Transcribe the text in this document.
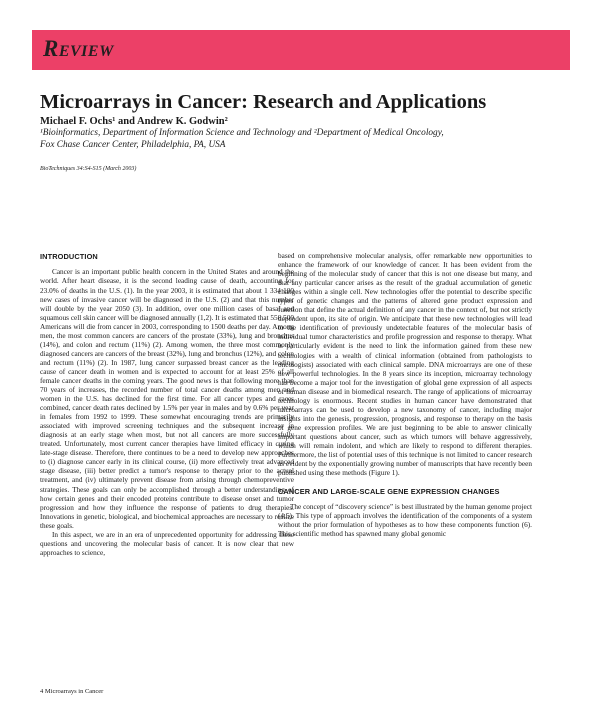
Review
Microarrays in Cancer: Research and Applications
Michael F. Ochs¹ and Andrew K. Godwin²
¹Bioinformatics, Department of Information Science and Technology and ²Department of Medical Oncology,
Fox Chase Cancer Center, Philadelphia, PA, USA
BioTechniques 34:S4-S15 (March 2003)
INTRODUCTION

Cancer is an important public health concern in the United States and around the world. After heart disease, it is the second leading cause of death, accounting for 23.0% of deaths in the U.S. (1). In the year 2003, it is estimated that about 1 334 100 new cases of invasive cancer will be diagnosed in the U.S. (2) and that this number will double by the year 2050 (3). In addition, over one million cases of basal and squamous cell skin cancer will be diagnosed annually (1,2). It is estimated that 556 500 Americans will die from cancer in 2003, corresponding to 1500 deaths per day. Among men, the most common cancers are cancers of the prostate (33%), lung and bronchus (14%), and colon and rectum (11%) (2). Among women, the three most commonly diagnosed cancers are cancers of the breast (32%), lung and bronchus (12%), and colon and rectum (11%) (2). In 1987, lung cancer surpassed breast cancer as the leading cause of cancer death in women and is expected to account for at least 25% of all female cancer deaths in the coming years. The good news is that following more than 70 years of increases, the recorded number of total cancer deaths among men and women in the U.S. has declined for the first time. For all cancer types and races combined, cancer death rates declined by 1.5% per year in males and by 0.6% per year in females from 1992 to 1999. These somewhat encouraging trends are primarily associated with improved screening techniques and the subsequent increase in diagnosis at an early stage when most, but not all cancers are more successfully treated. Unfortunately, most current cancer therapies have limited efficacy in curing late-stage disease. Therefore, there continues to be a need to develop new approaches to (i) diagnose cancer early in its clinical course, (ii) more effectively treat advanced stage disease, (iii) better predict a tumor's response to therapy prior to the actual treatment, and (iv) ultimately prevent disease from arising through chemopreventive strategies. These goals can only be accomplished through a better understanding of how certain genes and their encoded proteins contribute to disease onset and tumor progression and how they influence the response of patients to drug therapies. Innovations in genetic, biological, and biochemical approaches are necessary to realize these goals.

In this aspect, we are in an era of unprecedented opportunity for addressing these questions and uncovering the molecular basis of cancer. It is now clear that new approaches to science,

based on comprehensive molecular analysis, offer remarkable new opportunities to enhance the framework of our knowledge of cancer. It has been evident from the beginning of the molecular study of cancer that this is not one disease but many, and that any particular cancer arises as the result of the gradual accumulation of genetic changes within a single cell. New technologies offer the potential to describe specific types of genetic changes and the patterns of altered gene product expression and function that define the actual definition of any cancer in the context of, but not strictly dependent upon, its site of origin. We anticipate that these new technologies will lead to the identification of previously undetectable features of the molecular basis of individual tumor characteristics and profile progression and response to therapy. What is particularly evident is the need to link the information gained from these new technologies with a wealth of clinical information (obtained from pathologists to oncologists) associated with each clinical sample. DNA microarrays are one of these new powerful technologies. In the 8 years since its inception, microarray technology has become a major tool for the investigation of global gene expression of all aspects of human disease and in biomedical research. The range of applications of microarray technology is enormous. Recent studies in human cancer have demonstrated that microarrays can be used to develop a new taxonomy of cancer, including major insights into the genesis, progression, prognosis, and response to therapy on the basis of gene expression profiles. We are just beginning to be able to answer clinically important questions about cancer, such as which tumors will behave aggressively, which will remain indolent, and which are likely to respond to different therapies. Furthermore, the list of potential uses of this technique is not limited to cancer research as evident by the exponentially growing number of manuscripts that have recently been published using these methods (Figure 1).

CANCER AND LARGE-SCALE GENE EXPRESSION CHANGES

The concept of “discovery science” is best illustrated by the human genome project (4,5). This type of approach involves the identification of the components of a system without the prior formulation of hypotheses as to how these components function (6). This scientific method has spawned many global genomic

4 Microarrays in Cancer
